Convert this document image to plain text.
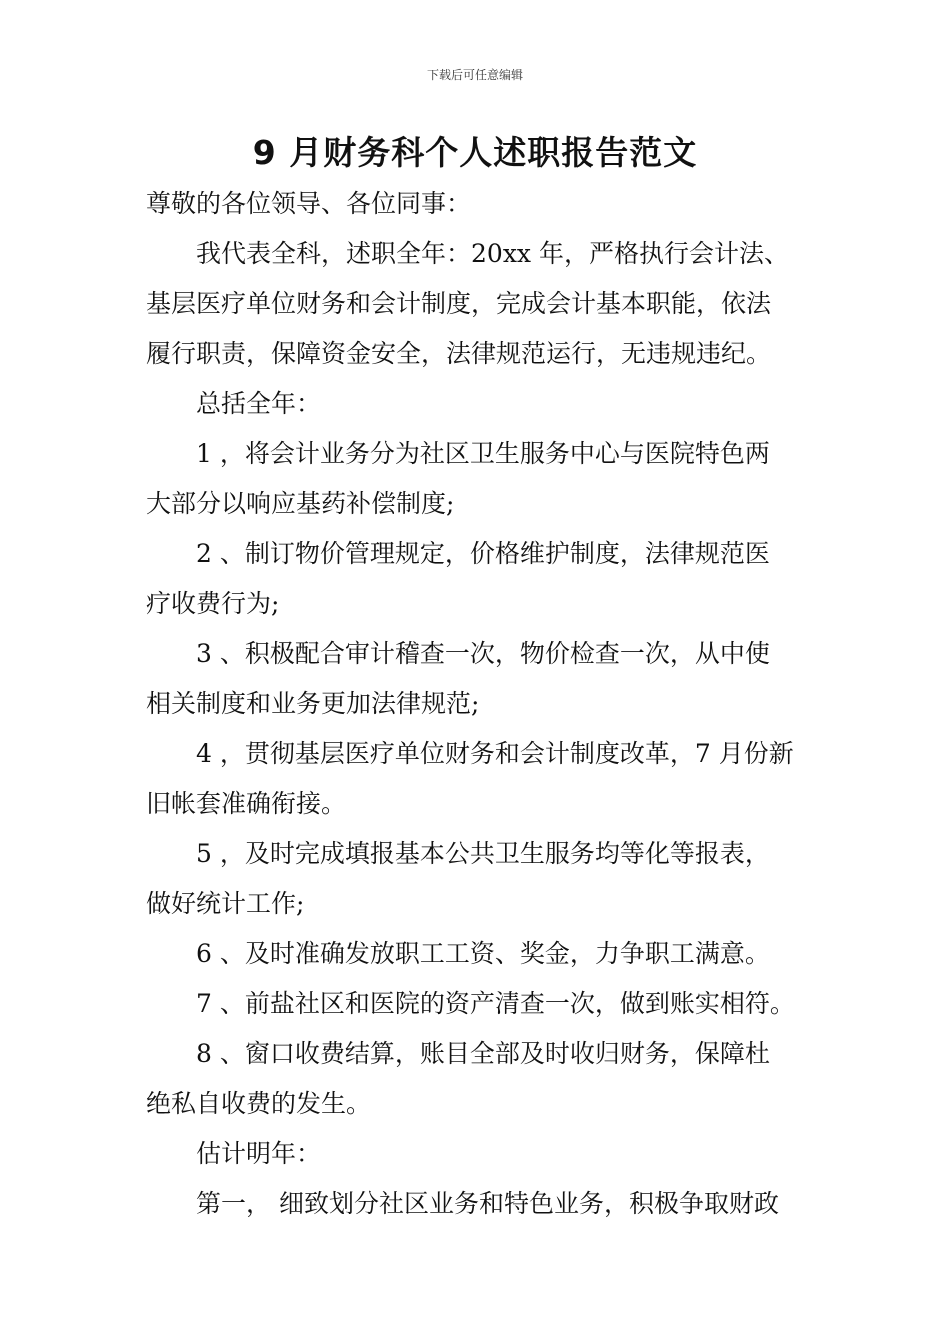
下载后可任意编辑
9 月财务科个人述职报告范文
尊敬的各位领导、各位同事：
我代表全科，述职全年：20xx 年，严格执行会计法、
基层医疗单位财务和会计制度，完成会计基本职能，依法
履行职责，保障资金安全，法律规范运行，无违规违纪。
总括全年：
1 ，将会计业务分为社区卫生服务中心与医院特色两
大部分以响应基药补偿制度;
2 、制订物价管理规定，价格维护制度，法律规范医
疗收费行为;
3 、积极配合审计稽查一次，物价检查一次，从中使
相关制度和业务更加法律规范;
4 ，贯彻基层医疗单位财务和会计制度改革，7 月份新
旧帐套准确衔接。
5 ，及时完成填报基本公共卫生服务均等化等报表，
做好统计工作;
6 、及时准确发放职工工资、奖金，力争职工满意。
7 、前盐社区和医院的资产清查一次，做到账实相符。
8 、窗口收费结算，账目全部及时收归财务，保障杜
绝私自收费的发生。
估计明年：
第一， 细致划分社区业务和特色业务，积极争取财政
